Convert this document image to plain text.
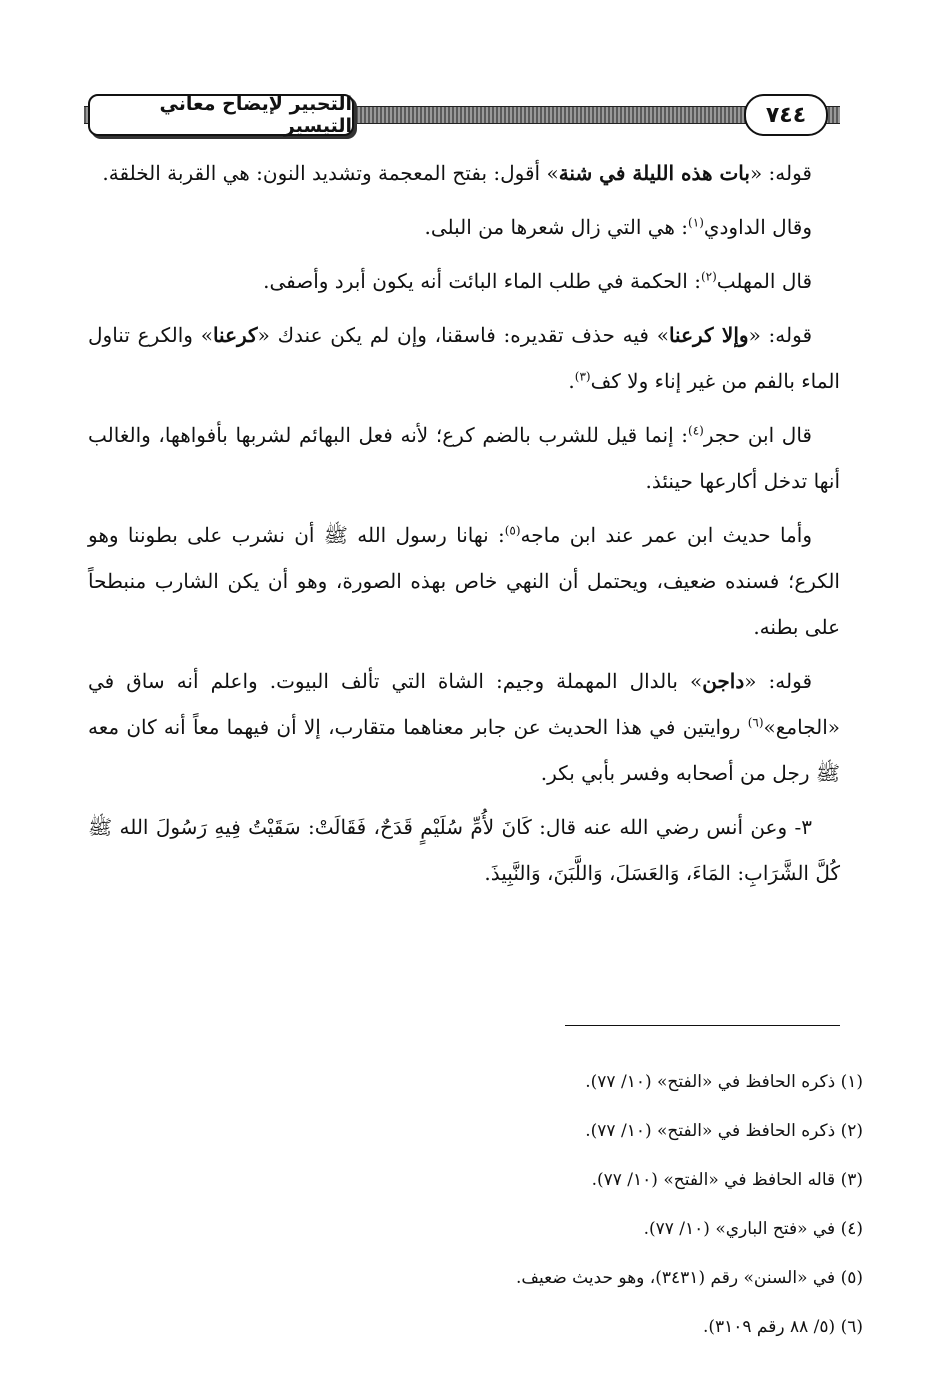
التحبير لإيضاح معاني التيسير	٧٤٤

قوله: «بات هذه الليلة في شنة» أقول: بفتح المعجمة وتشديد النون: هي القربة الخلقة.

وقال الداودي$^{(١)}$: هي التي زال شعرها من البلى.

قال المهلب$^{(٢)}$: الحكمة في طلب الماء البائت أنه يكون أبرد وأصفى.

قوله: «وإلا كرعنا» فيه حذف تقديره: فاسقنا، وإن لم يكن عندك «كرعنا» والكرع تناول الماء بالفم من غير إناء ولا كف$^{(٣)}$.

قال ابن حجر$^{(٤)}$: إنما قيل للشرب بالضم كرع؛ لأنه فعل البهائم لشربها بأفواهها، والغالب أنها تدخل أكارعها حينئذ.

وأما حديث ابن عمر عند ابن ماجه$^{(٥)}$: نهانا رسول الله ﷺ أن نشرب على بطوننا وهو الكرع؛ فسنده ضعيف، ويحتمل أن النهي خاص بهذه الصورة، وهو أن يكن الشارب منبطحاً على بطنه.

قوله: «داجن» بالدال المهملة وجيم: الشاة التي تألف البيوت. واعلم أنه ساق في «الجامع»$^{(٦)}$ روايتين في هذا الحديث عن جابر معناهما متقارب، إلا أن فيهما معاً أنه كان معه ﷺ رجل من أصحابه وفسر بأبي بكر.

٣- وعن أنس رضي الله عنه قال: كَانَ لأُمِّ سُلَيْمٍ قَدَحٌ، فَقَالَتْ: سَقَيْتُ فِيهِ رَسُولَ الله ﷺ كُلَّ الشَّرَابِ: المَاءَ، وَالعَسَلَ، وَاللَّبَنَ، وَالنَّبِيذَ.

(١) ذكره الحافظ في «الفتح» (١٠/ ٧٧).
(٢) ذكره الحافظ في «الفتح» (١٠/ ٧٧).
(٣) قاله الحافظ في «الفتح» (١٠/ ٧٧).
(٤) في «فتح الباري» (١٠/ ٧٧).
(٥) في «السنن» رقم (٣٤٣١)، وهو حديث ضعيف.
(٦) (٥/ ٨٨ رقم ٣١٠٩).
